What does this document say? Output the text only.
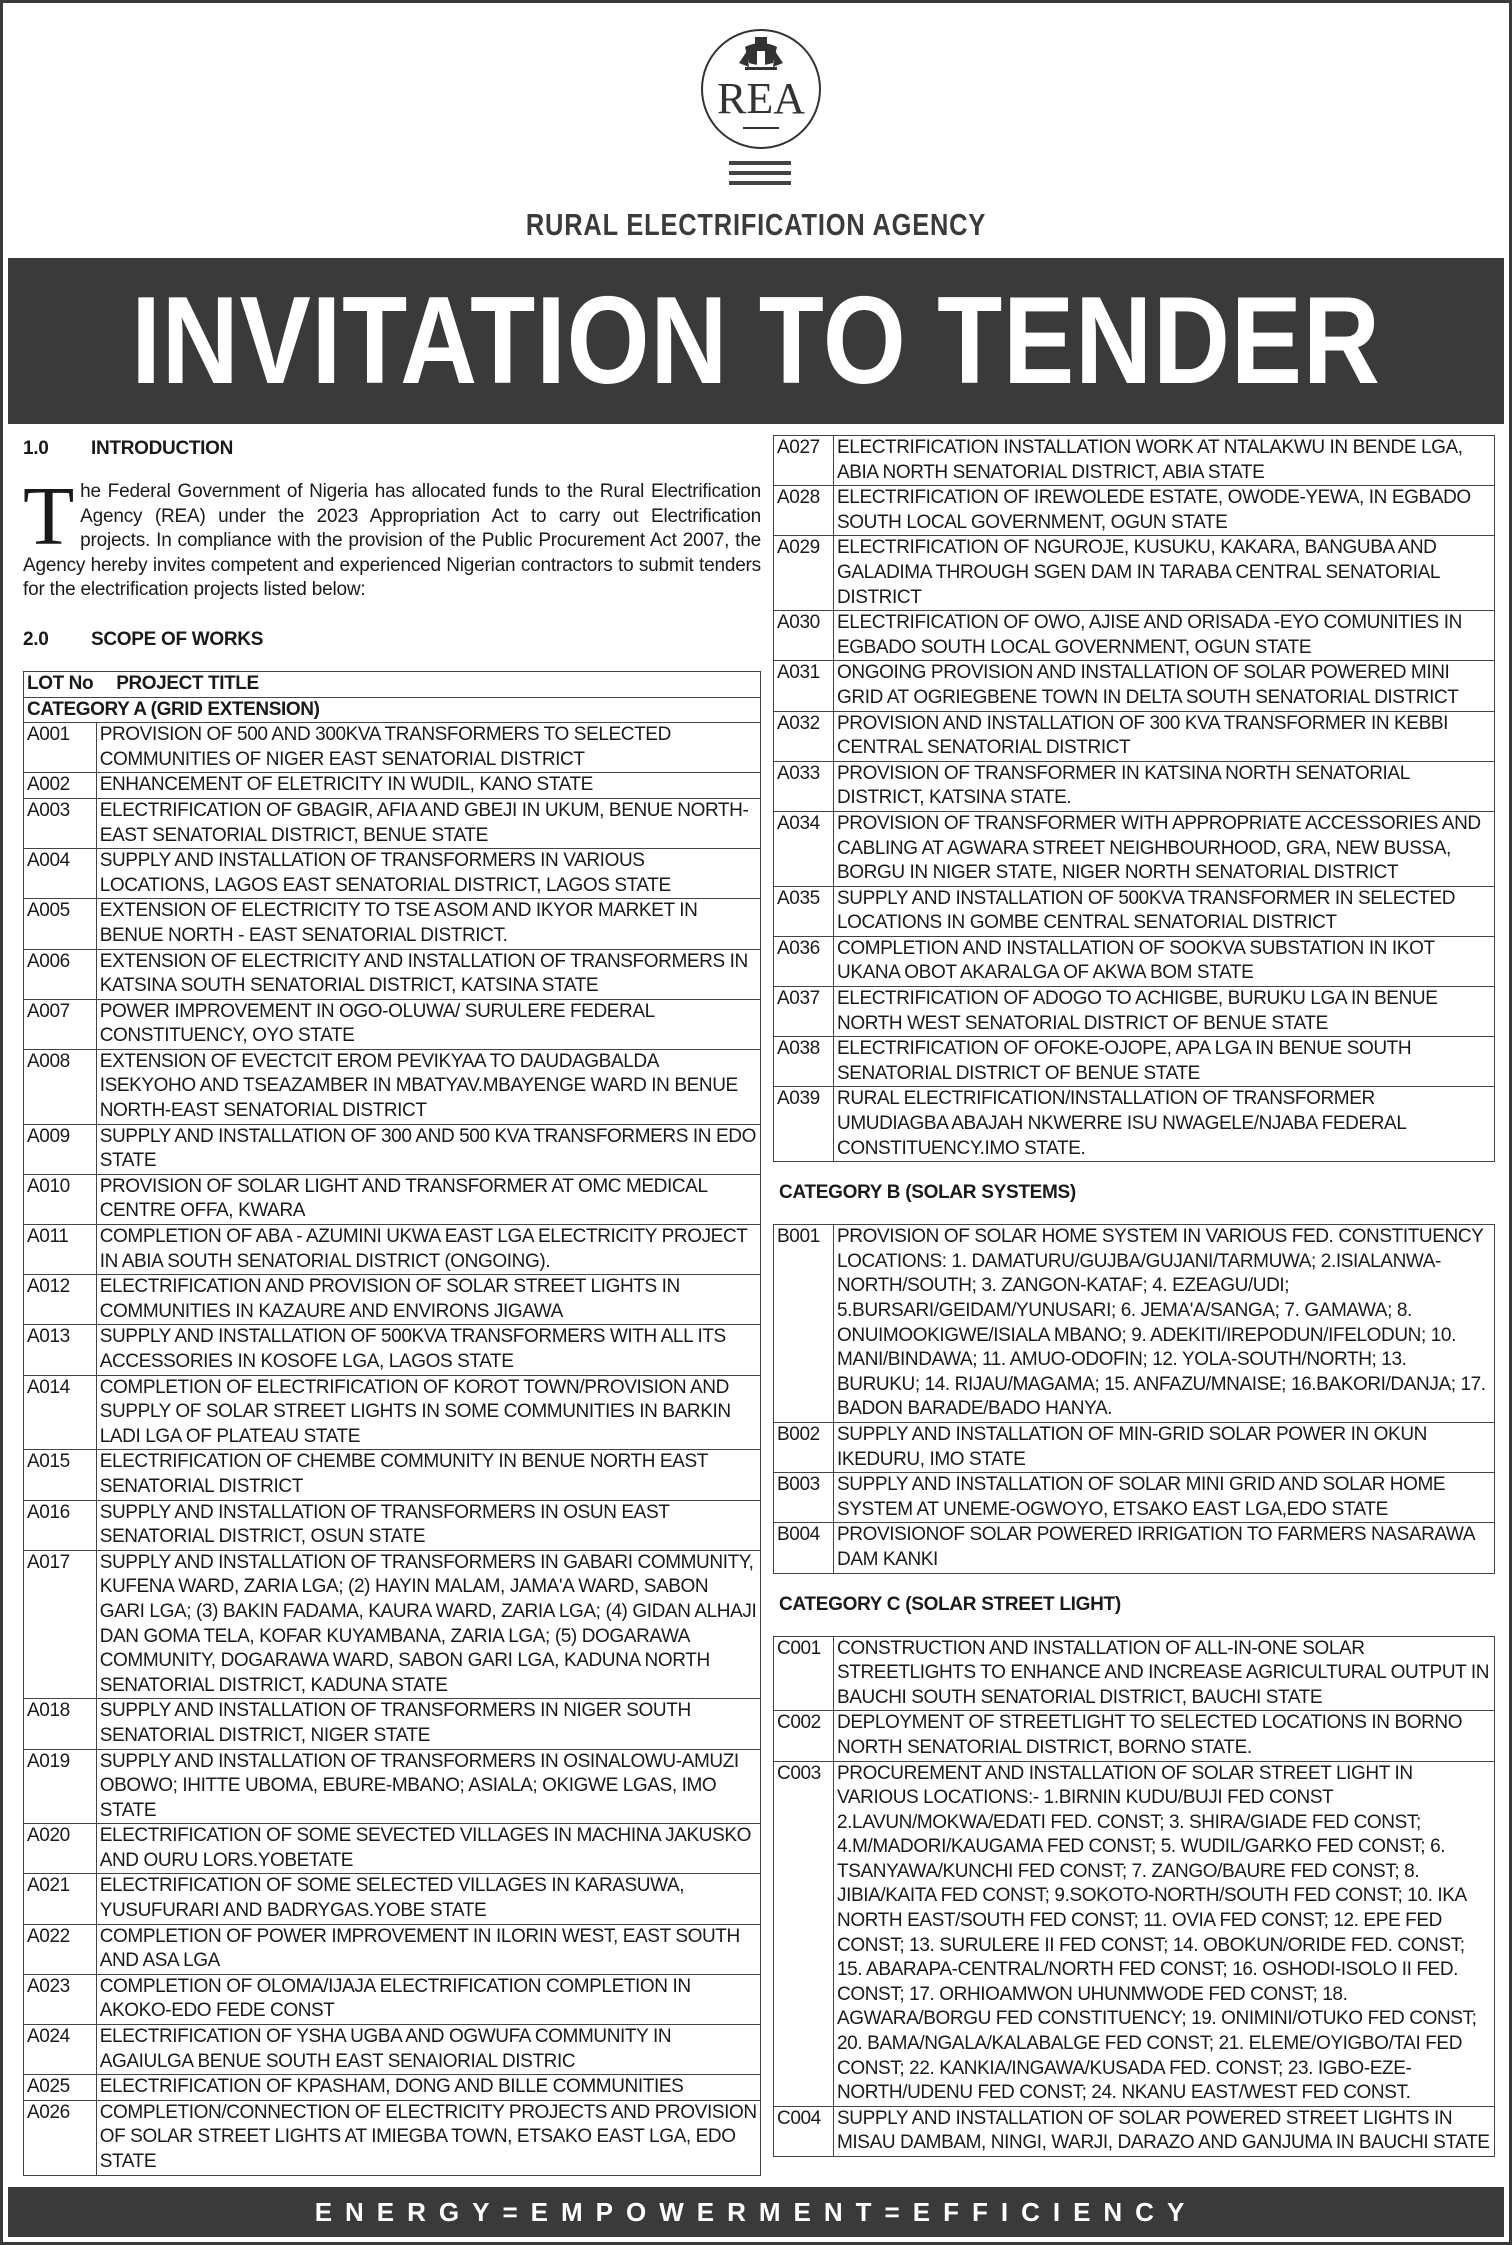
REA
RURAL ELECTRIFICATION AGENCY
INVITATION TO TENDER
1.0	INTRODUCTION
The Federal Government of Nigeria has allocated funds to the Rural Electrification Agency (REA) under the 2023 Appropriation Act to carry out Electrification projects. In compliance with the provision of the Public Procurement Act 2007, the Agency hereby invites competent and experienced Nigerian contractors to submit tenders for the electrification projects listed below:
2.0	SCOPE OF WORKS
LOT No	PROJECT TITLE
CATEGORY A (GRID EXTENSION)	
A001	PROVISION OF 500 AND 300KVA TRANSFORMERS TO SELECTED COMMUNITIES OF NIGER EAST SENATORIAL DISTRICT
A002	ENHANCEMENT OF ELETRICITY IN WUDIL, KANO STATE
A003	ELECTRIFICATION OF GBAGIR, AFIA AND GBEJI IN UKUM, BENUE NORTH-EAST SENATORIAL DISTRICT, BENUE STATE
A004	SUPPLY AND INSTALLATION OF TRANSFORMERS IN VARIOUS LOCATIONS, LAGOS EAST SENATORIAL DISTRICT, LAGOS STATE
A005	EXTENSION OF ELECTRICITY TO TSE ASOM AND IKYOR MARKET IN BENUE NORTH - EAST SENATORIAL DISTRICT.
A006	EXTENSION OF ELECTRICITY AND INSTALLATION OF TRANSFORMERS IN KATSINA SOUTH SENATORIAL DISTRICT, KATSINA STATE
A007	POWER IMPROVEMENT IN OGO-OLUWA/ SURULERE FEDERAL CONSTITUENCY, OYO STATE
A008	EXTENSION OF EVECTCIT EROM PEVIKYAA TO DAUDAGBALDA ISEKYOHO AND TSEAZAMBER IN MBATYAV.MBAYENGE WARD IN BENUE NORTH-EAST SENATORIAL DISTRICT
A009	SUPPLY AND INSTALLATION OF 300 AND 500 KVA TRANSFORMERS IN EDO STATE
A010	PROVISION OF SOLAR LIGHT AND TRANSFORMER AT OMC MEDICAL CENTRE OFFA, KWARA
A011	COMPLETION OF ABA - AZUMINI UKWA EAST LGA ELECTRICITY PROJECT IN ABIA SOUTH SENATORIAL DISTRICT (ONGOING).
A012	ELECTRIFICATION AND PROVISION OF SOLAR STREET LIGHTS IN COMMUNITIES IN KAZAURE AND ENVIRONS JIGAWA
A013	SUPPLY AND INSTALLATION OF 500KVA TRANSFORMERS WITH ALL ITS ACCESSORIES IN KOSOFE LGA, LAGOS STATE
A014	COMPLETION OF ELECTRIFICATION OF KOROT TOWN/PROVISION AND SUPPLY OF SOLAR STREET LIGHTS IN SOME COMMUNITIES IN BARKIN LADI LGA OF PLATEAU STATE
A015	ELECTRIFICATION OF CHEMBE COMMUNITY IN BENUE NORTH EAST SENATORIAL DISTRICT
A016	SUPPLY AND INSTALLATION OF TRANSFORMERS IN OSUN EAST SENATORIAL DISTRICT, OSUN STATE
A017	SUPPLY AND INSTALLATION OF TRANSFORMERS IN GABARI COMMUNITY, KUFENA WARD, ZARIA LGA; (2) HAYIN MALAM, JAMA'A WARD, SABON GARI LGA; (3) BAKIN FADAMA, KAURA WARD, ZARIA LGA; (4) GIDAN ALHAJI DAN GOMA TELA, KOFAR KUYAMBANA, ZARIA LGA; (5) DOGARAWA COMMUNITY, DOGARAWA WARD, SABON GARI LGA, KADUNA NORTH SENATORIAL DISTRICT, KADUNA STATE
A018	SUPPLY AND INSTALLATION OF TRANSFORMERS IN NIGER SOUTH SENATORIAL DISTRICT, NIGER STATE
A019	SUPPLY AND INSTALLATION OF TRANSFORMERS IN OSINALOWU-AMUZI OBOWO; IHITTE UBOMA, EBURE-MBANO; ASIALA; OKIGWE LGAS, IMO STATE
A020	ELECTRIFICATION OF SOME SEVECTED VILLAGES IN MACHINA JAKUSKO AND OURU LORS.YOBETATE
A021	ELECTRIFICATION OF SOME SELECTED VILLAGES IN KARASUWA, YUSUFURARI AND BADRYGAS.YOBE STATE
A022	COMPLETION OF POWER IMPROVEMENT IN ILORIN WEST, EAST SOUTH AND ASA LGA
A023	COMPLETION OF OLOMA/IJAJA ELECTRIFICATION COMPLETION IN AKOKO-EDO FEDE CONST
A024	ELECTRIFICATION OF YSHA UGBA AND OGWUFA COMMUNITY IN AGAIULGA BENUE SOUTH EAST SENAIORIAL DISTRIC
A025	ELECTRIFICATION OF KPASHAM, DONG AND BILLE COMMUNITIES
A026	COMPLETION/CONNECTION OF ELECTRICITY PROJECTS AND PROVISION OF SOLAR STREET LIGHTS AT IMIEGBA TOWN, ETSAKO EAST LGA, EDO STATE
A027	ELECTRIFICATION INSTALLATION WORK AT NTALAKWU IN BENDE LGA, ABIA NORTH SENATORIAL DISTRICT, ABIA STATE
A028	ELECTRIFICATION OF IREWOLEDE ESTATE, OWODE-YEWA, IN EGBADO SOUTH LOCAL GOVERNMENT, OGUN STATE
A029	ELECTRIFICATION OF NGUROJE, KUSUKU, KAKARA, BANGUBA AND GALADIMA THROUGH SGEN DAM IN TARABA CENTRAL SENATORIAL DISTRICT
A030	ELECTRIFICATION OF OWO, AJISE AND ORISADA -EYO COMUNITIES IN EGBADO SOUTH LOCAL GOVERNMENT, OGUN STATE
A031	ONGOING PROVISION AND INSTALLATION OF SOLAR POWERED MINI GRID AT OGRIEGBENE TOWN IN DELTA SOUTH SENATORIAL DISTRICT
A032	PROVISION AND INSTALLATION OF 300 KVA TRANSFORMER IN KEBBI CENTRAL SENATORIAL DISTRICT
A033	PROVISION OF TRANSFORMER IN KATSINA NORTH SENATORIAL DISTRICT, KATSINA STATE.
A034	PROVISION OF TRANSFORMER WITH APPROPRIATE ACCESSORIES AND CABLING AT AGWARA STREET NEIGHBOURHOOD, GRA, NEW BUSSA, BORGU IN NIGER STATE, NIGER NORTH SENATORIAL DISTRICT
A035	SUPPLY AND INSTALLATION OF 500KVA TRANSFORMER IN SELECTED LOCATIONS IN GOMBE CENTRAL SENATORIAL DISTRICT
A036	COMPLETION AND INSTALLATION OF SOOKVA SUBSTATION IN IKOT UKANA OBOT AKARALGA OF AKWA BOM STATE
A037	ELECTRIFICATION OF ADOGO TO ACHIGBE, BURUKU LGA IN BENUE NORTH WEST SENATORIAL DISTRICT OF BENUE STATE
A038	ELECTRIFICATION OF OFOKE-OJOPE, APA LGA IN BENUE SOUTH SENATORIAL DISTRICT OF BENUE STATE
A039	RURAL ELECTRIFICATION/INSTALLATION OF TRANSFORMER UMUDIAGBA ABAJAH NKWERRE ISU NWAGELE/NJABA FEDERAL CONSTITUENCY.IMO STATE.
CATEGORY B (SOLAR SYSTEMS)
B001	PROVISION OF SOLAR HOME SYSTEM IN VARIOUS FED. CONSTITUENCY LOCATIONS: 1. DAMATURU/GUJBA/GUJANI/TARMUWA; 2.ISIALANWA-NORTH/SOUTH; 3. ZANGON-KATAF; 4. EZEAGU/UDI; 5.BURSARI/GEIDAM/YUNUSARI; 6. JEMA'A/SANGA; 7. GAMAWA; 8. ONUIMOOKIGWE/ISIALA MBANO; 9. ADEKITI/IREPODUN/IFELODUN; 10. MANI/BINDAWA; 11. AMUO-ODOFIN; 12. YOLA-SOUTH/NORTH; 13. BURUKU; 14. RIJAU/MAGAMA; 15. ANFAZU/MNAISE; 16.BAKORI/DANJA; 17. BADON BARADE/BADO HANYA.
B002	SUPPLY AND INSTALLATION OF MIN-GRID SOLAR POWER IN OKUN IKEDURU, IMO STATE
B003	SUPPLY AND INSTALLATION OF SOLAR MINI GRID AND SOLAR HOME SYSTEM AT UNEME-OGWOYO, ETSAKO EAST LGA,EDO STATE
B004	PROVISIONOF SOLAR POWERED IRRIGATION TO FARMERS NASARAWA DAM KANKI
CATEGORY C (SOLAR STREET LIGHT)
C001	CONSTRUCTION AND INSTALLATION OF ALL-IN-ONE SOLAR STREETLIGHTS TO ENHANCE AND INCREASE AGRICULTURAL OUTPUT IN BAUCHI SOUTH SENATORIAL DISTRICT, BAUCHI STATE
C002	DEPLOYMENT OF STREETLIGHT TO SELECTED LOCATIONS IN BORNO NORTH SENATORIAL DISTRICT, BORNO STATE.
C003	PROCUREMENT AND INSTALLATION OF SOLAR STREET LIGHT IN VARIOUS LOCATIONS:- 1.BIRNIN KUDU/BUJI FED CONST 2.LAVUN/MOKWA/EDATI FED. CONST; 3. SHIRA/GIADE FED CONST; 4.M/MADORI/KAUGAMA FED CONST; 5. WUDIL/GARKO FED CONST; 6. TSANYAWA/KUNCHI FED CONST; 7. ZANGO/BAURE FED CONST; 8. JIBIA/KAITA FED CONST; 9.SOKOTO-NORTH/SOUTH FED CONST; 10. IKA NORTH EAST/SOUTH FED CONST; 11. OVIA FED CONST; 12. EPE FED CONST; 13. SURULERE II FED CONST; 14. OBOKUN/ORIDE FED. CONST; 15. ABARAPA-CENTRAL/NORTH FED CONST; 16. OSHODI-ISOLO II FED. CONST; 17. ORHIOAMWON UHUNMWODE FED CONST; 18. AGWARA/BORGU FED CONSTITUENCY; 19. ONIMINI/OTUKO FED CONST; 20. BAMA/NGALA/KALABALGE FED CONST; 21. ELEME/OYIGBO/TAI FED CONST; 22. KANKIA/INGAWA/KUSADA FED. CONST; 23. IGBO-EZE-NORTH/UDENU FED CONST; 24. NKANU EAST/WEST FED CONST.
C004	SUPPLY AND INSTALLATION OF SOLAR POWERED STREET LIGHTS IN MISAU DAMBAM, NINGI, WARJI, DARAZO AND GANJUMA IN BAUCHI STATE
ENERGY=EMPOWERMENT=EFFICIENCY
